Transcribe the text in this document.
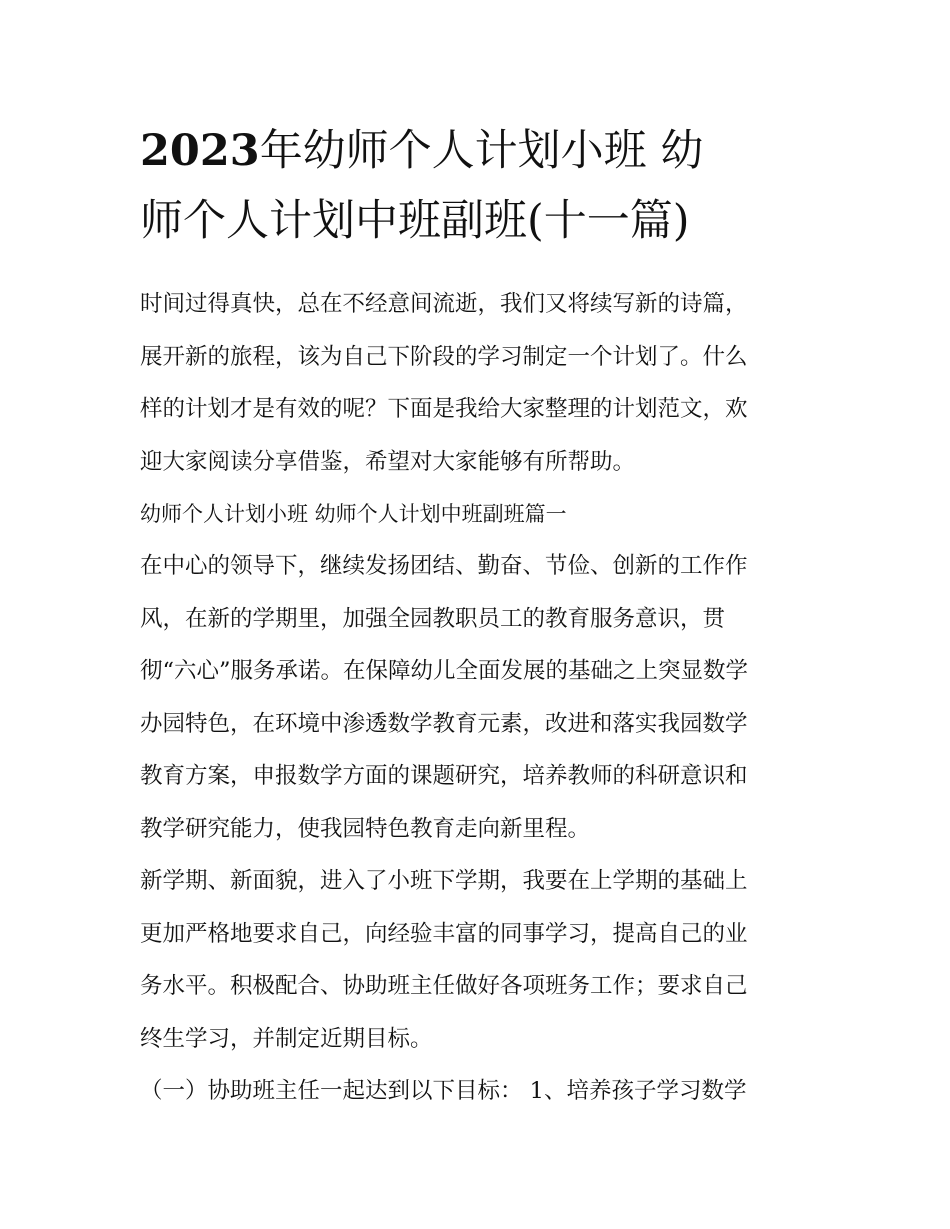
2023年幼师个人计划小班 幼
师个人计划中班副班(十一篇)

时间过得真快，总在不经意间流逝，我们又将续写新的诗篇，
展开新的旅程，该为自己下阶段的学习制定一个计划了。什么
样的计划才是有效的呢？下面是我给大家整理的计划范文，欢
迎大家阅读分享借鉴，希望对大家能够有所帮助。

幼师个人计划小班 幼师个人计划中班副班篇一

在中心的领导下，继续发扬团结、勤奋、节俭、创新的工作作
风，在新的学期里，加强全园教职员工的教育服务意识，贯
彻“六心”服务承诺。在保障幼儿全面发展的基础之上突显数学
办园特色，在环境中渗透数学教育元素，改进和落实我园数学
教育方案，申报数学方面的课题研究，培养教师的科研意识和
教学研究能力，使我园特色教育走向新里程。

新学期、新面貌，进入了小班下学期，我要在上学期的基础上
更加严格地要求自己，向经验丰富的同事学习，提高自己的业
务水平。积极配合、协助班主任做好各项班务工作；要求自己
终生学习，并制定近期目标。

（一）协助班主任一起达到以下目标： 1、培养孩子学习数学
